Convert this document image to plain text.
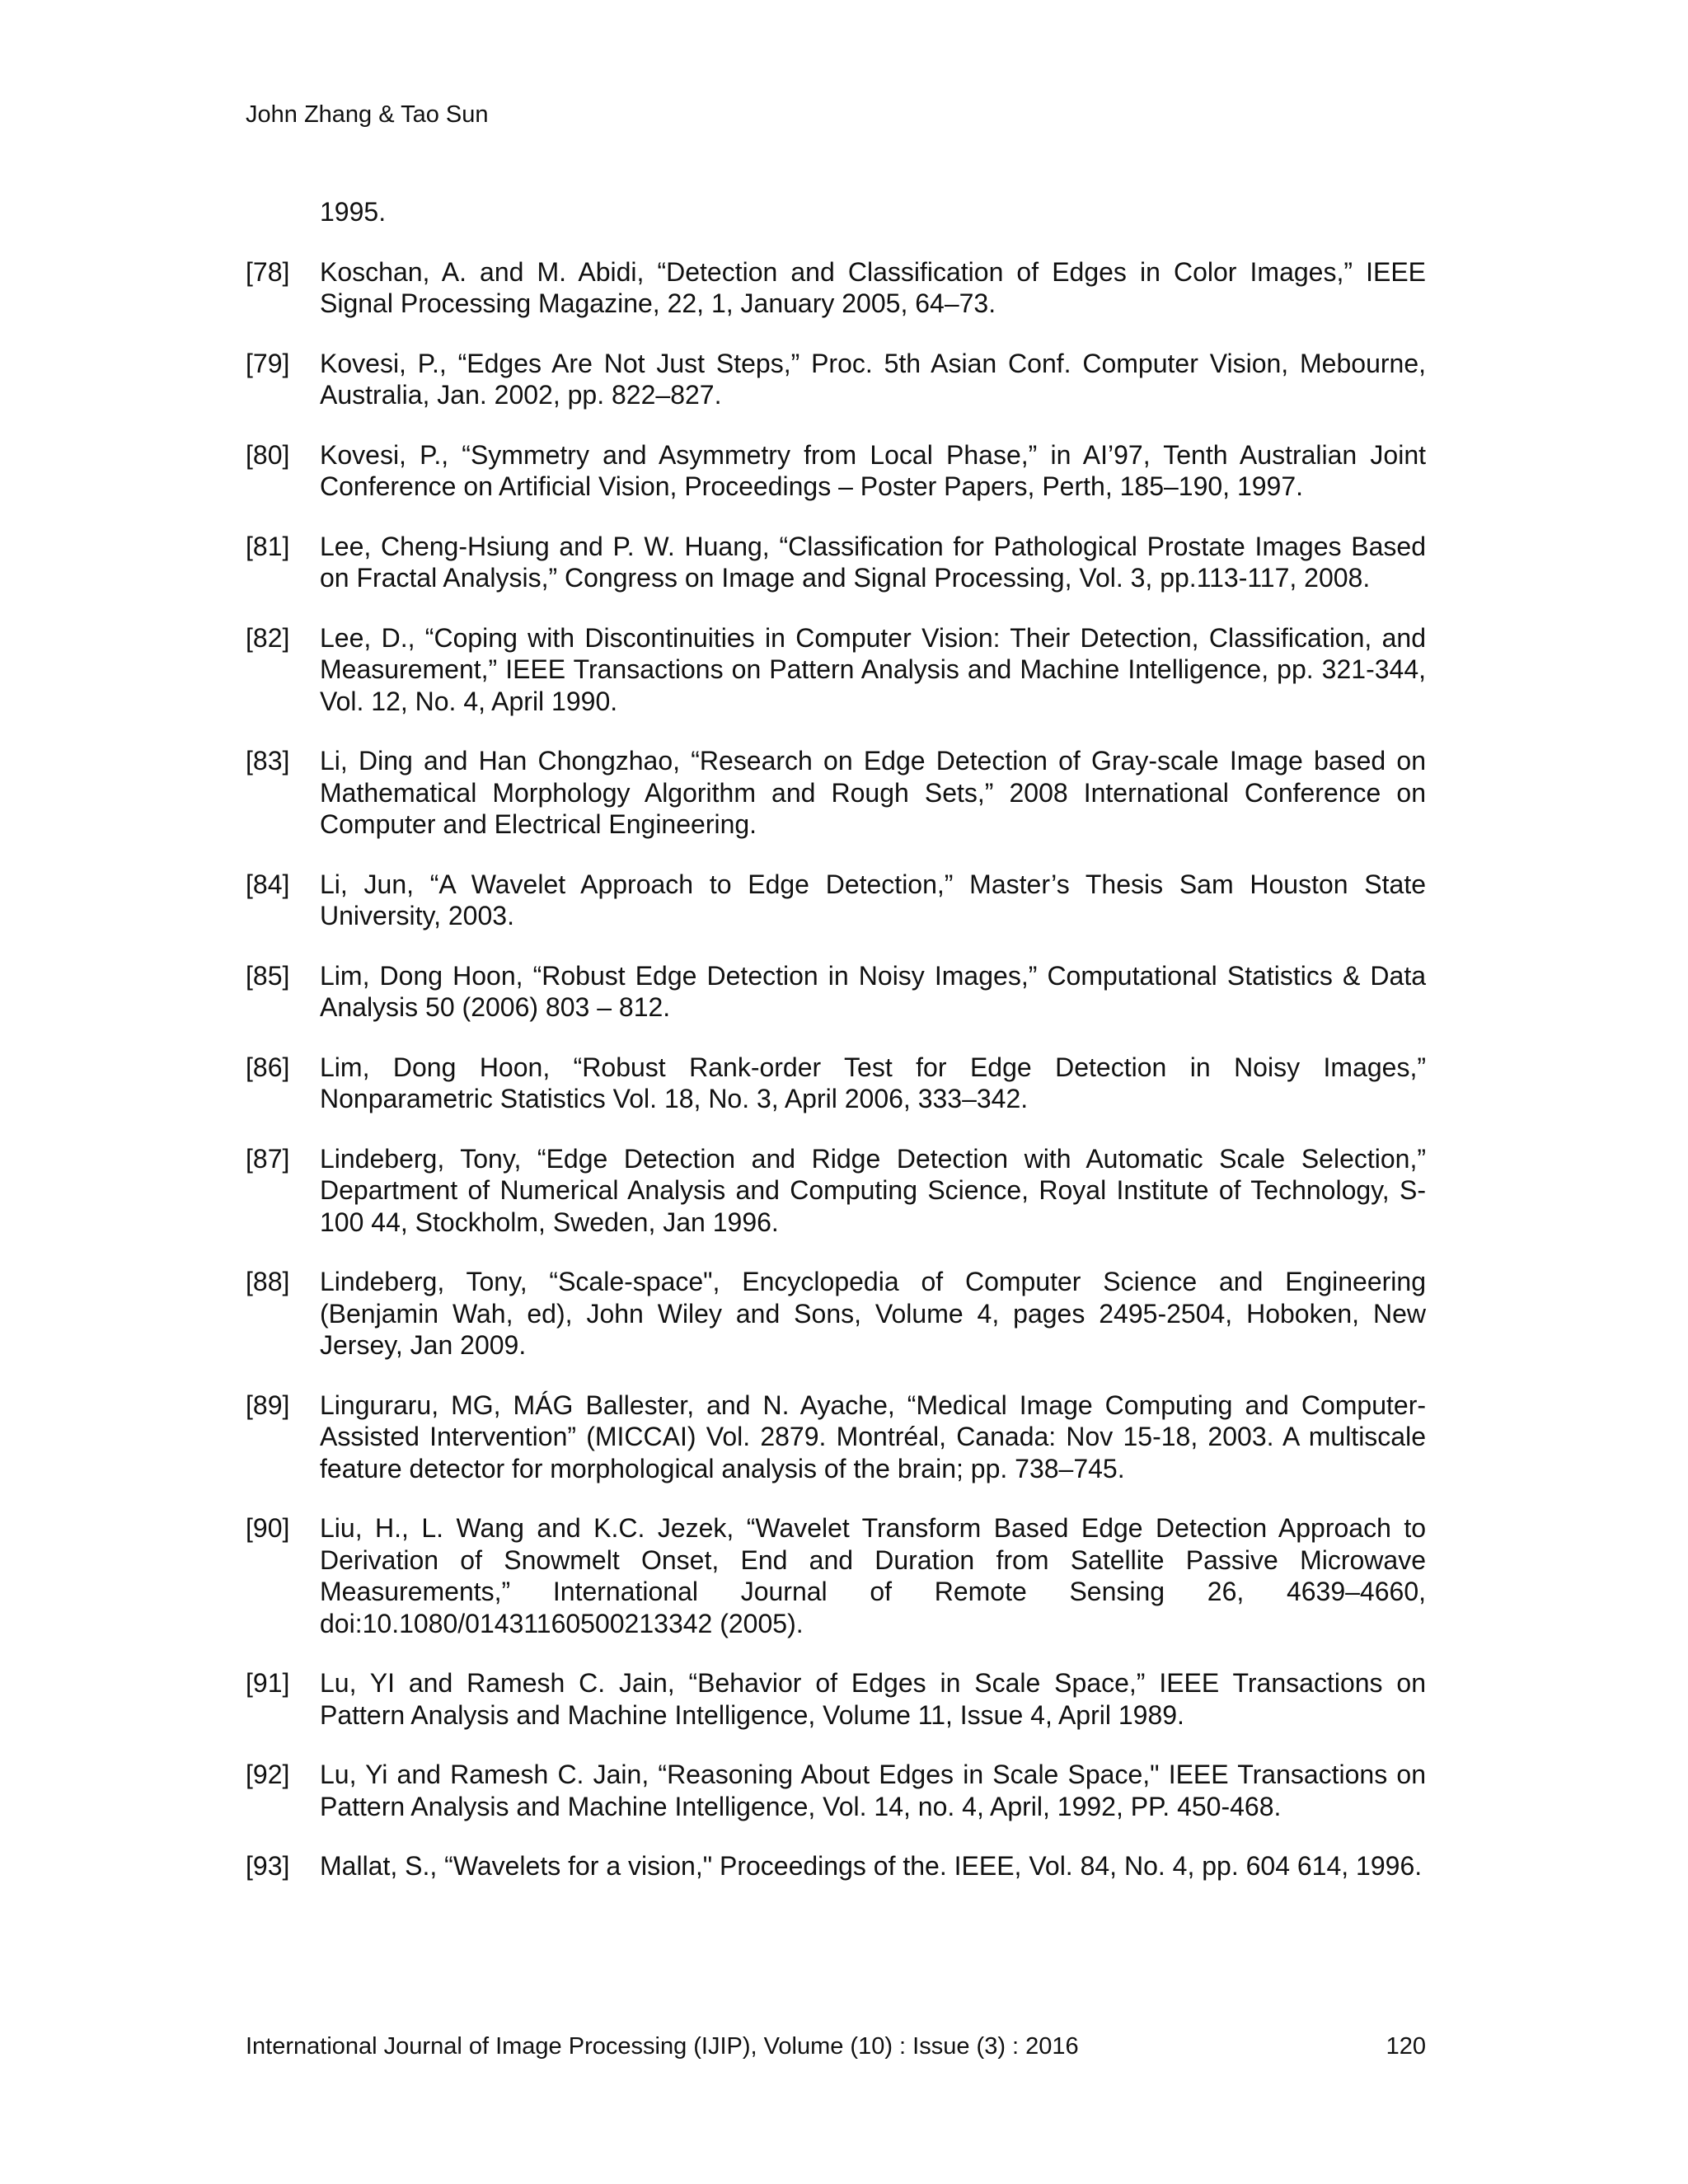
John Zhang & Tao Sun
1995.
[78] Koschan, A. and M. Abidi, “Detection and Classification of Edges in Color Images,” IEEE Signal Processing Magazine, 22, 1, January 2005, 64–73.
[79] Kovesi, P., “Edges Are Not Just Steps,” Proc. 5th Asian Conf. Computer Vision, Mebourne, Australia, Jan. 2002, pp. 822–827.
[80] Kovesi, P., “Symmetry and Asymmetry from Local Phase,” in AI’97, Tenth Australian Joint Conference on Artificial Vision, Proceedings – Poster Papers, Perth, 185–190, 1997.
[81] Lee, Cheng-Hsiung and P. W. Huang, “Classification for Pathological Prostate Images Based on Fractal Analysis,” Congress on Image and Signal Processing, Vol. 3, pp.113-117, 2008.
[82] Lee, D., “Coping with Discontinuities in Computer Vision: Their Detection, Classification, and Measurement,” IEEE Transactions on Pattern Analysis and Machine Intelligence, pp. 321-344, Vol. 12, No. 4, April 1990.
[83] Li, Ding and Han Chongzhao, “Research on Edge Detection of Gray-scale Image based on Mathematical Morphology Algorithm and Rough Sets,” 2008 International Conference on Computer and Electrical Engineering.
[84] Li, Jun, “A Wavelet Approach to Edge Detection,” Master’s Thesis Sam Houston State University, 2003.
[85] Lim, Dong Hoon, “Robust Edge Detection in Noisy Images,” Computational Statistics & Data Analysis 50 (2006) 803 – 812.
[86] Lim, Dong Hoon, “Robust Rank-order Test for Edge Detection in Noisy Images,” Nonparametric Statistics Vol. 18, No. 3, April 2006, 333–342.
[87] Lindeberg, Tony, “Edge Detection and Ridge Detection with Automatic Scale Selection,” Department of Numerical Analysis and Computing Science, Royal Institute of Technology, S-100 44, Stockholm, Sweden, Jan 1996.
[88] Lindeberg, Tony, “Scale-space", Encyclopedia of Computer Science and Engineering (Benjamin Wah, ed), John Wiley and Sons, Volume 4, pages 2495-2504, Hoboken, New Jersey, Jan 2009.
[89] Linguraru, MG, MÁG Ballester, and N. Ayache, “Medical Image Computing and Computer-Assisted Intervention” (MICCAI) Vol. 2879. Montréal, Canada: Nov 15-18, 2003. A multiscale feature detector for morphological analysis of the brain; pp. 738–745.
[90] Liu, H., L. Wang and K.C. Jezek, “Wavelet Transform Based Edge Detection Approach to Derivation of Snowmelt Onset, End and Duration from Satellite Passive Microwave Measurements,” International Journal of Remote Sensing 26, 4639–4660, doi:10.1080/01431160500213342 (2005).
[91] Lu, YI and Ramesh C. Jain, “Behavior of Edges in Scale Space,” IEEE Transactions on Pattern Analysis and Machine Intelligence, Volume 11, Issue 4, April 1989.
[92] Lu, Yi and Ramesh C. Jain, “Reasoning About Edges in Scale Space," IEEE Transactions on Pattern Analysis and Machine Intelligence, Vol. 14, no. 4, April, 1992, PP. 450-468.
[93] Mallat, S., “Wavelets for a vision," Proceedings of the. IEEE, Vol. 84, No. 4, pp. 604 614, 1996.
International Journal of Image Processing (IJIP), Volume (10) : Issue (3) : 2016	120
